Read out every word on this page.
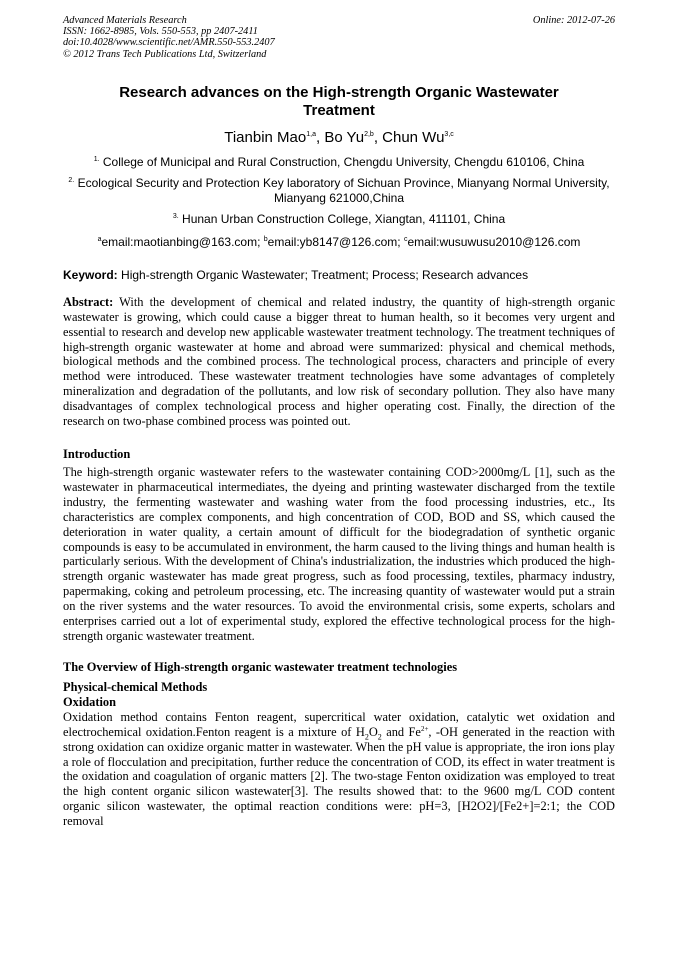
Advanced Materials Research
ISSN: 1662-8985, Vols. 550-553, pp 2407-2411
doi:10.4028/www.scientific.net/AMR.550-553.2407
© 2012 Trans Tech Publications Ltd, Switzerland
Online: 2012-07-26
Research advances on the High-strength Organic Wastewater Treatment
Tianbin Mao$^{1,a}$, Bo Yu$^{2,b}$, Chun Wu$^{3,c}$
$^{1.}$ College of Municipal and Rural Construction, Chengdu University, Chengdu 610106, China
$^{2.}$ Ecological Security and Protection Key laboratory of Sichuan Province, Mianyang Normal University, Mianyang 621000,China
$^{3.}$ Hunan Urban Construction College, Xiangtan, 411101, China
$^a$email:maotianbing@163.com; $^b$email:yb8147@126.com; $^c$email:wusuwusu2010@126.com
Keyword: High-strength Organic Wastewater; Treatment; Process; Research advances

Abstract: With the development of chemical and related industry, the quantity of high-strength organic wastewater is growing, which could cause a bigger threat to human health, so it becomes very urgent and essential to research and develop new applicable wastewater treatment technology. The treatment techniques of high-strength organic wastewater at home and abroad were summarized: physical and chemical methods, biological methods and the combined process. The technological process, characters and principle of every method were introduced. These wastewater treatment technologies have some advantages of completely mineralization and degradation of the pollutants, and low risk of secondary pollution. They also have many disadvantages of complex technological process and higher operating cost. Finally, the direction of the research on two-phase combined process was pointed out.

Introduction

The high-strength organic wastewater refers to the wastewater containing COD>2000mg/L [1], such as the wastewater in pharmaceutical intermediates, the dyeing and printing wastewater discharged from the textile industry, the fermenting wastewater and washing water from the food processing industries, etc., Its characteristics are complex components, and high concentration of COD, BOD and SS, which caused the deterioration in water quality, a certain amount of difficult for the biodegradation of synthetic organic compounds is easy to be accumulated in environment, the harm caused to the living things and human health is particularly serious. With the development of China's industrialization, the industries which produced the high-strength organic wastewater has made great progress, such as food processing, textiles, pharmacy industry, papermaking, coking and petroleum processing, etc. The increasing quantity of wastewater would put a strain on the river systems and the water resources. To avoid the environmental crisis, some experts, scholars and enterprises carried out a lot of experimental study, explored the effective technological process for the high-strength organic wastewater treatment.

The Overview of High-strength organic wastewater treatment technologies
Physical-chemical Methods
Oxidation

Oxidation method contains Fenton reagent, supercritical water oxidation, catalytic wet oxidation and electrochemical oxidation.Fenton reagent is a mixture of $H_2O_2$ and $Fe^{2+}$, -OH generated in the reaction with strong oxidation can oxidize organic matter in wastewater. When the pH value is appropriate, the iron ions play a role of flocculation and precipitation, further reduce the concentration of COD, its effect in water treatment is the oxidation and coagulation of organic matters [2]. The two-stage Fenton oxidization was employed to treat the high content organic silicon wastewater[3]. The results showed that: to the 9600 mg/L COD content organic silicon wastewater, the optimal reaction conditions were: pH=3, [H2O2]/[Fe2+]=2:1; the COD removal
